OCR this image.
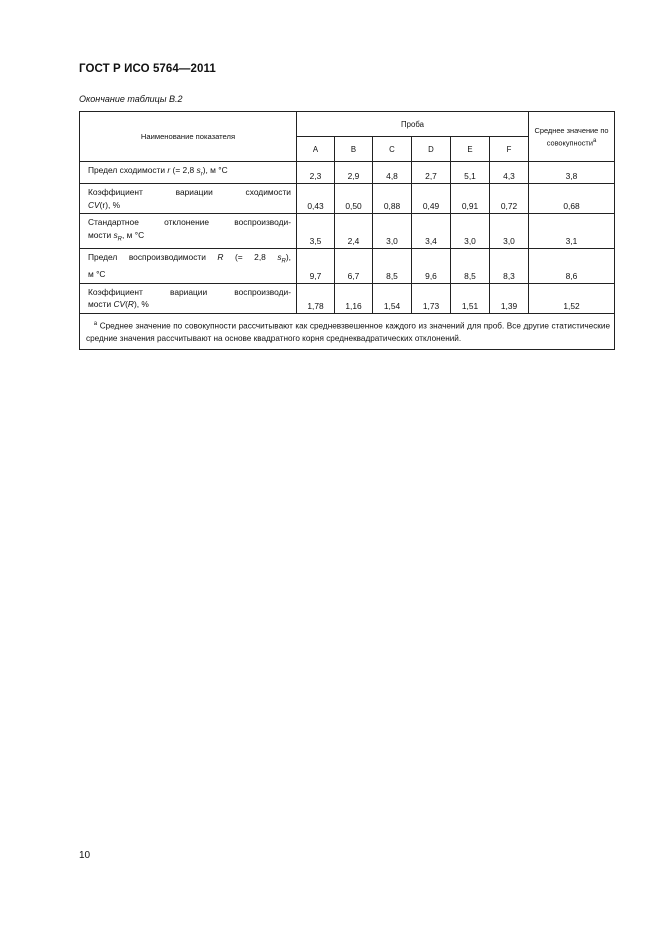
ГОСТ Р ИСО 5764—2011
Окончание таблицы В.2
Наименование показателя	Проба						Среднее значение по совокупности$^a$
	A	B	C	D	E	F	
Предел сходимости r (= 2,8 $s_r$), м °С	2,3	2,9	4,8	2,7	5,1	4,3	3,8
Коэффициент вариации сходимости
CV(r), %	0,43	0,50	0,88	0,49	0,91	0,72	0,68
Стандартное отклонение воспроизводи-
мости $s_R$, м °С	3,5	2,4	3,0	3,4	3,0	3,0	3,1
Предел воспроизводимости R (= 2,8 $s_R$),
м °С	9,7	6,7	8,5	9,6	8,5	8,3	8,6
Коэффициент вариации воспроизводи-
мости CV(R), %	1,78	1,16	1,54	1,73	1,51	1,39	1,52
$^a$ Среднее значение по совокупности рассчитывают как средневзвешенное каждого из значений для проб. Все другие статистические средние значения рассчитывают на основе квадратного корня среднеквадратических отклонений.							
10
